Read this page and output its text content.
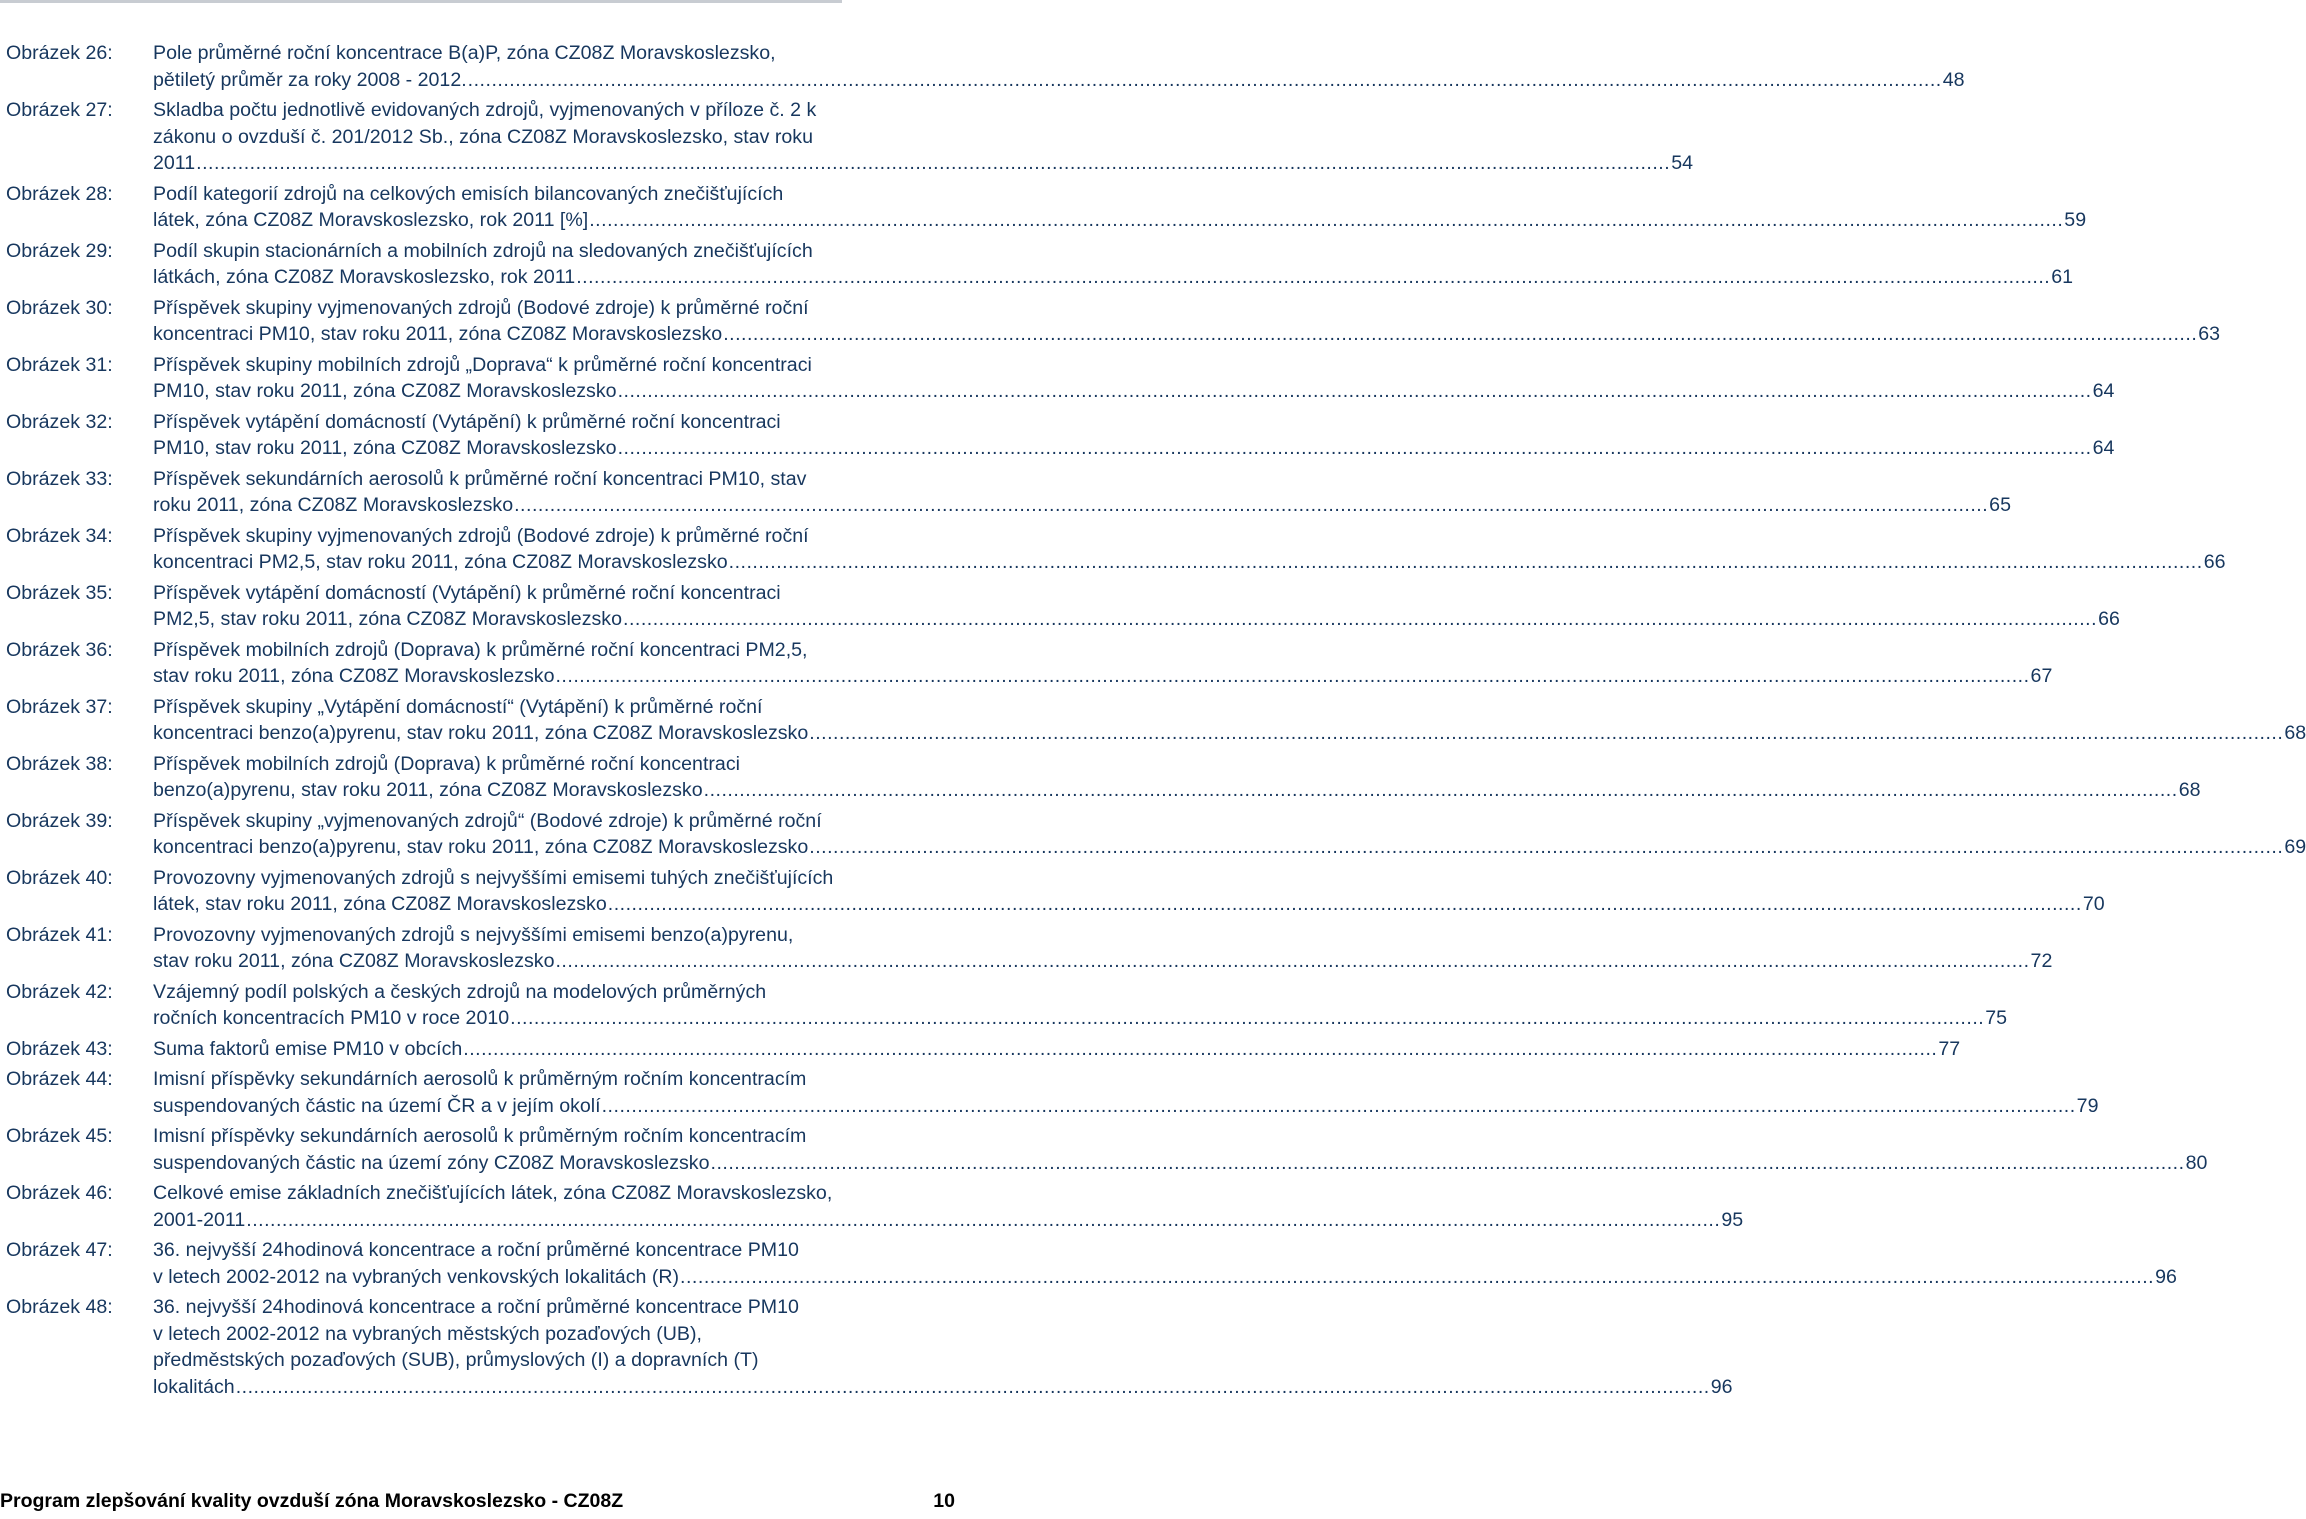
Obrázek 26:	Pole průměrné roční koncentrace B(a)P, zóna CZ08Z Moravskoslezsko,
pětiletý průměr za roky 2008 - 2012. .....	48
Obrázek 27:	Skladba počtu jednotlivě evidovaných zdrojů, vyjmenovaných v příloze č. 2 k
zákonu o ovzduší č. 201/2012 Sb., zóna CZ08Z Moravskoslezsko, stav roku
2011 .....	54
Obrázek 28:	Podíl kategorií zdrojů na celkových emisích bilancovaných znečišťujících
látek, zóna CZ08Z Moravskoslezsko, rok 2011 [%] .....	59
Obrázek 29:	Podíl skupin stacionárních a mobilních zdrojů na sledovaných znečišťujících
látkách, zóna CZ08Z Moravskoslezsko, rok 2011 .....	61
Obrázek 30:	Příspěvek skupiny vyjmenovaných zdrojů (Bodové zdroje) k průměrné roční
koncentraci PM10, stav roku 2011, zóna CZ08Z Moravskoslezsko .....	63
Obrázek 31:	Příspěvek skupiny mobilních zdrojů „Doprava“ k průměrné roční koncentraci
PM10, stav roku 2011, zóna CZ08Z Moravskoslezsko .....	64
Obrázek 32:	Příspěvek vytápění domácností (Vytápění) k průměrné roční koncentraci
PM10, stav roku 2011, zóna CZ08Z Moravskoslezsko .....	64
Obrázek 33:	Příspěvek sekundárních aerosolů k průměrné roční koncentraci PM10, stav
roku 2011, zóna CZ08Z Moravskoslezsko .....	65
Obrázek 34:	Příspěvek skupiny vyjmenovaných zdrojů (Bodové zdroje) k průměrné roční
koncentraci PM2,5, stav roku 2011, zóna CZ08Z Moravskoslezsko .....	66
Obrázek 35:	Příspěvek vytápění domácností (Vytápění) k průměrné roční koncentraci
PM2,5, stav roku 2011, zóna CZ08Z Moravskoslezsko .....	66
Obrázek 36:	Příspěvek mobilních zdrojů (Doprava) k průměrné roční koncentraci PM2,5,
stav roku 2011, zóna CZ08Z Moravskoslezsko .....	67
Obrázek 37:	Příspěvek skupiny „Vytápění domácností“ (Vytápění) k průměrné roční
koncentraci benzo(a)pyrenu, stav roku 2011, zóna CZ08Z Moravskoslezsko .....	68
Obrázek 38:	Příspěvek mobilních zdrojů (Doprava) k průměrné roční koncentraci
benzo(a)pyrenu, stav roku 2011, zóna CZ08Z Moravskoslezsko .....	68
Obrázek 39:	Příspěvek skupiny „vyjmenovaných zdrojů“ (Bodové zdroje) k průměrné roční
koncentraci benzo(a)pyrenu, stav roku 2011, zóna CZ08Z Moravskoslezsko .....	69
Obrázek 40:	Provozovny vyjmenovaných zdrojů s nejvyššími emisemi tuhých znečišťujících
látek, stav roku 2011, zóna CZ08Z Moravskoslezsko .....	70
Obrázek 41:	Provozovny vyjmenovaných zdrojů s nejvyššími emisemi benzo(a)pyrenu,
stav roku 2011, zóna CZ08Z Moravskoslezsko .....	72
Obrázek 42:	Vzájemný podíl polských a českých zdrojů na modelových průměrných
ročních koncentracích PM10 v roce 2010 .....	75
Obrázek 43:	Suma faktorů emise PM10 v obcích .....	77
Obrázek 44:	Imisní příspěvky sekundárních aerosolů k průměrným ročním koncentracím
suspendovaných částic na území ČR a v jejím okolí .....	79
Obrázek 45:	Imisní příspěvky sekundárních aerosolů k průměrným ročním koncentracím
suspendovaných částic na území zóny CZ08Z Moravskoslezsko .....	80
Obrázek 46:	Celkové emise základních znečišťujících látek, zóna CZ08Z Moravskoslezsko,
2001-2011 .....	95
Obrázek 47:	36. nejvyšší 24hodinová koncentrace a roční průměrné koncentrace PM10
v letech 2002-2012 na vybraných venkovských lokalitách (R) .....	96
Obrázek 48:	36. nejvyšší 24hodinová koncentrace a roční průměrné koncentrace PM10
v letech 2002-2012 na vybraných městských pozaďových (UB),
předměstských pozaďových (SUB), průmyslových (I) a dopravních (T)
lokalitách .....	96
Program zlepšování kvality ovzduší zóna Moravskoslezsko - CZ08Z	10
